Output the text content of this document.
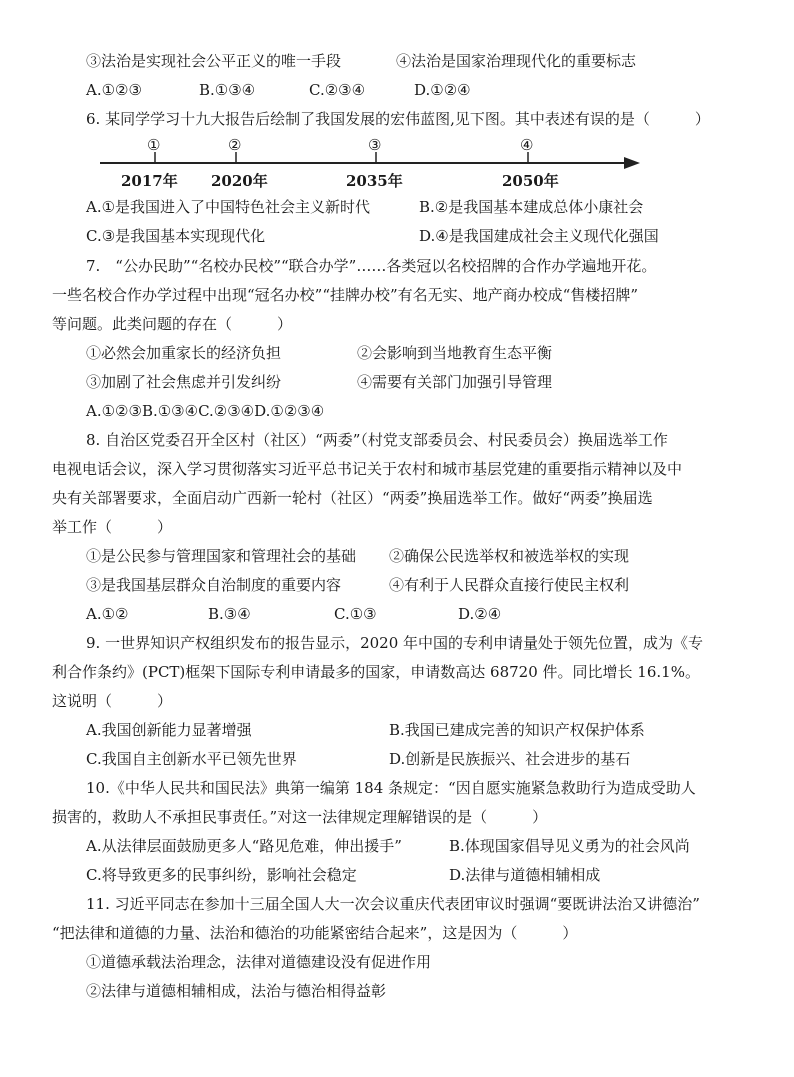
③法治是实现社会公平正义的唯一手段	④法治是国家治理现代化的重要标志
A.①②③	B.①③④	C.②③④	D.①②④
6. 某同学学习十九大报告后绘制了我国发展的宏伟蓝图,见下图。其中表述有误的是（　　　）
①	②	③	④
2017年 2020年	2035年	2050年
A.①是我国进入了中国特色社会主义新时代	B.②是我国基本建成总体小康社会
C.③是我国基本实现现代化	D.④是我国建成社会主义现代化强国
7.　“公办民助”“名校办民校”“联合办学”……各类冠以名校招牌的合作办学遍地开花。
一些名校合作办学过程中出现“冠名办校”“挂牌办校”有名无实、地产商办校成“售楼招牌”
等问题。此类问题的存在（　　　）
①必然会加重家长的经济负担	②会影响到当地教育生态平衡
③加剧了社会焦虑并引发纠纷	④需要有关部门加强引导管理
A.①②③B.①③④C.②③④D.①②③④
8. 自治区党委召开全区村（社区）“两委”（村党支部委员会、村民委员会）换届选举工作
电视电话会议，深入学习贯彻落实习近平总书记关于农村和城市基层党建的重要指示精神以及中
央有关部署要求，全面启动广西新一轮村（社区）“两委”换届选举工作。做好“两委”换届选
举工作（　　　）
①是公民参与管理国家和管理社会的基础 ②确保公民选举权和被选举权的实现
③是我国基层群众自治制度的重要内容	④有利于人民群众直接行使民主权利
A.①②	B.③④	C.①③	D.②④
9. 一世界知识产权组织发布的报告显示，2020 年中国的专利申请量处于领先位置，成为《专
利合作条约》(PCT)框架下国际专利申请最多的国家，申请数高达 68720 件。同比增长 16.1%。
这说明（　　　）
A.我国创新能力显著增强	B.我国已建成完善的知识产权保护体系
C.我国自主创新水平已领先世界	D.创新是民族振兴、社会进步的基石
10.《中华人民共和国民法》典第一编第 184 条规定：“因自愿实施紧急救助行为造成受助人
损害的，救助人不承担民事责任。”对这一法律规定理解错误的是（　　　）
A.从法律层面鼓励更多人“路见危难，伸出援手”	B.体现国家倡导见义勇为的社会风尚
C.将导致更多的民事纠纷，影响社会稳定	D.法律与道德相辅相成
11. 习近平同志在参加十三届全国人大一次会议重庆代表团审议时强调“要既讲法治又讲德治”
“把法律和道德的力量、法治和德治的功能紧密结合起来”，这是因为（　　　）
①道德承载法治理念，法律对道德建设没有促进作用
②法律与道德相辅相成，法治与德治相得益彰
